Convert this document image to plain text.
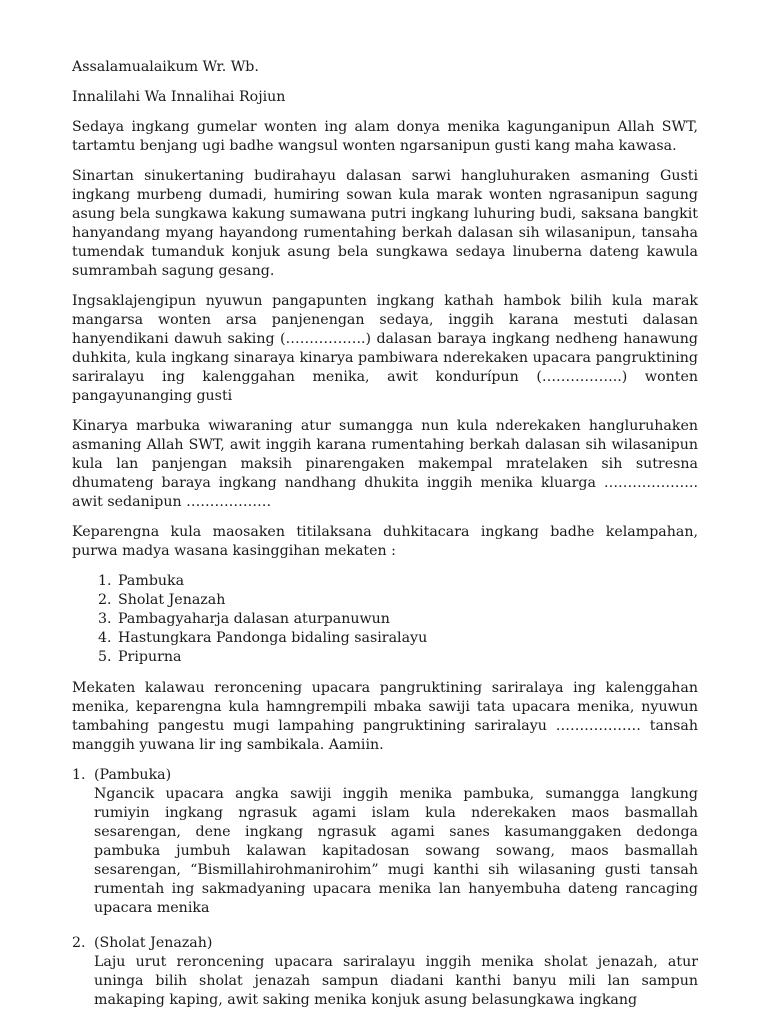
Assalamualaikum Wr. Wb.

Innalilahi Wa Innalihai Rojiun

Sedaya ingkang gumelar wonten ing alam donya menika kagunganipun Allah SWT, tartamtu benjang ugi badhe wangsul wonten ngarsanipun gusti kang maha kawasa.

Sinartan sinukertaning budirahayu dalasan sarwi hangluhuraken asmaning Gusti ingkang murbeng dumadi, humiring sowan kula marak wonten ngrasanipun sagung asung bela sungkawa kakung sumawana putri ingkang luhuring budi, saksana bangkit hanyandang myang hayandong rumentahing berkah dalasan sih wilasanipun, tansaha tumendak tumanduk konjuk asung bela sungkawa sedaya linuberna dateng kawula sumrambah sagung gesang.

Ingsaklajengipun nyuwun pangapunten ingkang kathah hambok bilih kula marak mangarsa wonten arsa panjenengan sedaya, inggih karana mestuti dalasan hanyendikani dawuh saking (……………..) dalasan baraya ingkang nedheng hanawung duhkita, kula ingkang sinaraya kinarya pambiwara nderekaken upacara pangruktining sariralayu ing kalenggahan menika, awit kondurípun (……………..) wonten pangayunanging gusti

Kinarya marbuka wiwaraning atur sumangga nun kula nderekaken hangluruhaken asmaning Allah SWT, awit inggih karana rumentahing berkah dalasan sih wilasanipun kula lan panjengan maksih pinarengaken makempal mratelaken sih sutresna dhumateng baraya ingkang nandhang dhukita inggih menika kluarga ……………….. awit sedanipun ………………

Keparengna kula maosaken titilaksana duhkitacara ingkang badhe kelampahan, purwa madya wasana kasinggihan mekaten :

1. Pambuka
2. Sholat Jenazah
3. Pambagyaharja dalasan aturpanuwun
4. Hastungkara Pandonga bidaling sasiralayu
5. Pripurna

Mekaten kalawau reroncening upacara pangruktining sariralaya ing kalenggahan menika, keparengna kula hamngrempili mbaka sawiji tata upacara menika, nyuwun tambahing pangestu mugi lampahing pangruktining sariralayu ……………… tansah manggih yuwana lir ing sambikala. Aamiin.

1. (Pambuka)

Ngancik upacara angka sawiji inggih menika pambuka, sumangga langkung rumiyin ingkang ngrasuk agami islam kula nderekaken maos basmallah sesarengan, dene ingkang ngrasuk agami sanes kasumanggaken dedonga pambuka jumbuh kalawan kapitadosan sowang sowang, maos basmallah sesarengan, “Bismillahirohmanirohim” mugi kanthi sih wilasaning gusti tansah rumentah ing sakmadyaning upacara menika lan hanyembuha dateng rancaging upacara menika

2. (Sholat Jenazah)

Laju urut reroncening upacara sariralayu inggih menika sholat jenazah, atur uninga bilih sholat jenazah sampun diadani kanthi banyu mili lan sampun makaping kaping, awit saking menika konjuk asung belasungkawa ingkang
